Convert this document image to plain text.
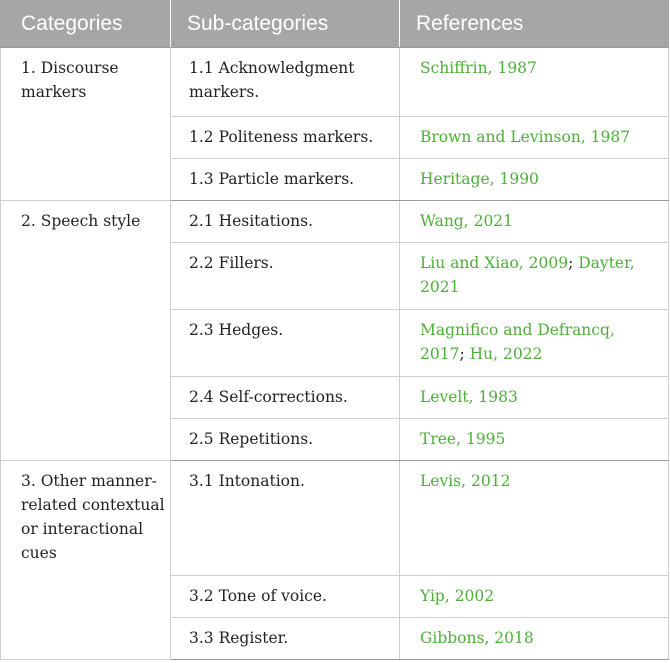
Categories	Sub-categories	References
1. Discourse markers	1.1 Acknowledgment markers.	Schiffrin, 1987
	1.2 Politeness markers.	Brown and Levinson, 1987
	1.3 Particle markers.	Heritage, 1990
2. Speech style	2.1 Hesitations.	Wang, 2021
	2.2 Fillers.	Liu and Xiao, 2009; Dayter, 2021
	2.3 Hedges.	Magnifico and Defrancq, 2017; Hu, 2022
	2.4 Self-corrections.	Levelt, 1983
	2.5 Repetitions.	Tree, 1995
3. Other manner-related contextual or interactional cues	3.1 Intonation.	Levis, 2012
	3.2 Tone of voice.	Yip, 2002
	3.3 Register.	Gibbons, 2018
